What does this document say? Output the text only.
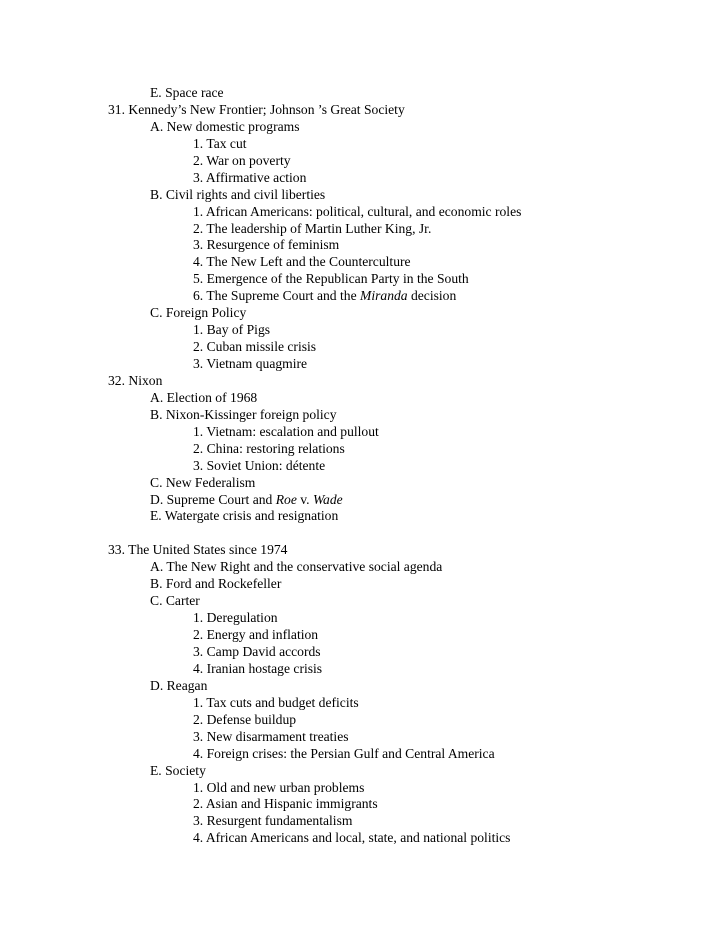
E. Space race
31. Kennedy’s New Frontier; Johnson ’s Great Society
A. New domestic programs
1. Tax cut
2. War on poverty
3. Affirmative action
B. Civil rights and civil liberties
1. African Americans: political, cultural, and economic roles
2. The leadership of Martin Luther King, Jr.
3. Resurgence of feminism
4. The New Left and the Counterculture
5. Emergence of the Republican Party in the South
6. The Supreme Court and the Miranda decision
C. Foreign Policy
1. Bay of Pigs
2. Cuban missile crisis
3. Vietnam quagmire
32. Nixon
A. Election of 1968
B. Nixon-Kissinger foreign policy
1. Vietnam: escalation and pullout
2. China: restoring relations
3. Soviet Union: détente
C. New Federalism
D. Supreme Court and Roe v. Wade
E. Watergate crisis and resignation
33. The United States since 1974
A. The New Right and the conservative social agenda
B. Ford and Rockefeller
C. Carter
1. Deregulation
2. Energy and inflation
3. Camp David accords
4. Iranian hostage crisis
D. Reagan
1. Tax cuts and budget deficits
2. Defense buildup
3. New disarmament treaties
4. Foreign crises: the Persian Gulf and Central America
E. Society
1. Old and new urban problems
2. Asian and Hispanic immigrants
3. Resurgent fundamentalism
4. African Americans and local, state, and national politics
